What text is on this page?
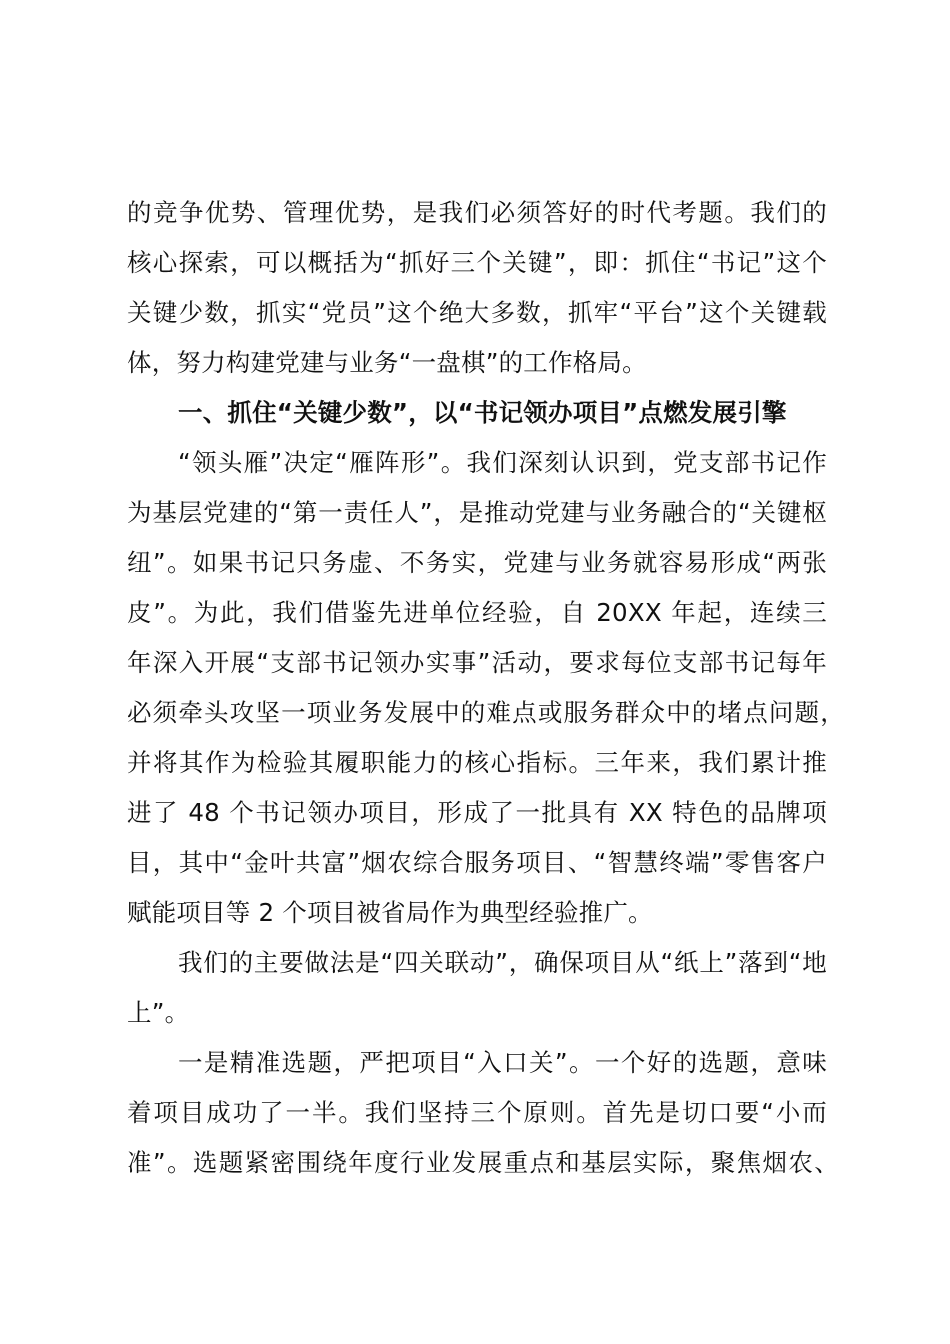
的竞争优势、管理优势，是我们必须答好的时代考题。我们的
核心探索，可以概括为“抓好三个关键”，即：抓住“书记”这个
关键少数，抓实“党员”这个绝大多数，抓牢“平台”这个关键载
体，努力构建党建与业务“一盘棋”的工作格局。
一、抓住“关键少数”，以“书记领办项目”点燃发展引擎
“领头雁”决定“雁阵形”。我们深刻认识到，党支部书记作
为基层党建的“第一责任人”，是推动党建与业务融合的“关键枢
纽”。如果书记只务虚、不务实，党建与业务就容易形成“两张
皮”。为此，我们借鉴先进单位经验，自 20XX 年起，连续三
年深入开展“支部书记领办实事”活动，要求每位支部书记每年
必须牵头攻坚一项业务发展中的难点或服务群众中的堵点问题，
并将其作为检验其履职能力的核心指标。三年来，我们累计推
进了 48 个书记领办项目，形成了一批具有 XX 特色的品牌项
目，其中“金叶共富”烟农综合服务项目、“智慧终端”零售客户
赋能项目等 2 个项目被省局作为典型经验推广。
我们的主要做法是“四关联动”，确保项目从“纸上”落到“地
上”。
一是精准选题，严把项目“入口关”。一个好的选题，意味
着项目成功了一半。我们坚持三个原则。首先是切口要“小而
准”。选题紧密围绕年度行业发展重点和基层实际，聚焦烟农、
